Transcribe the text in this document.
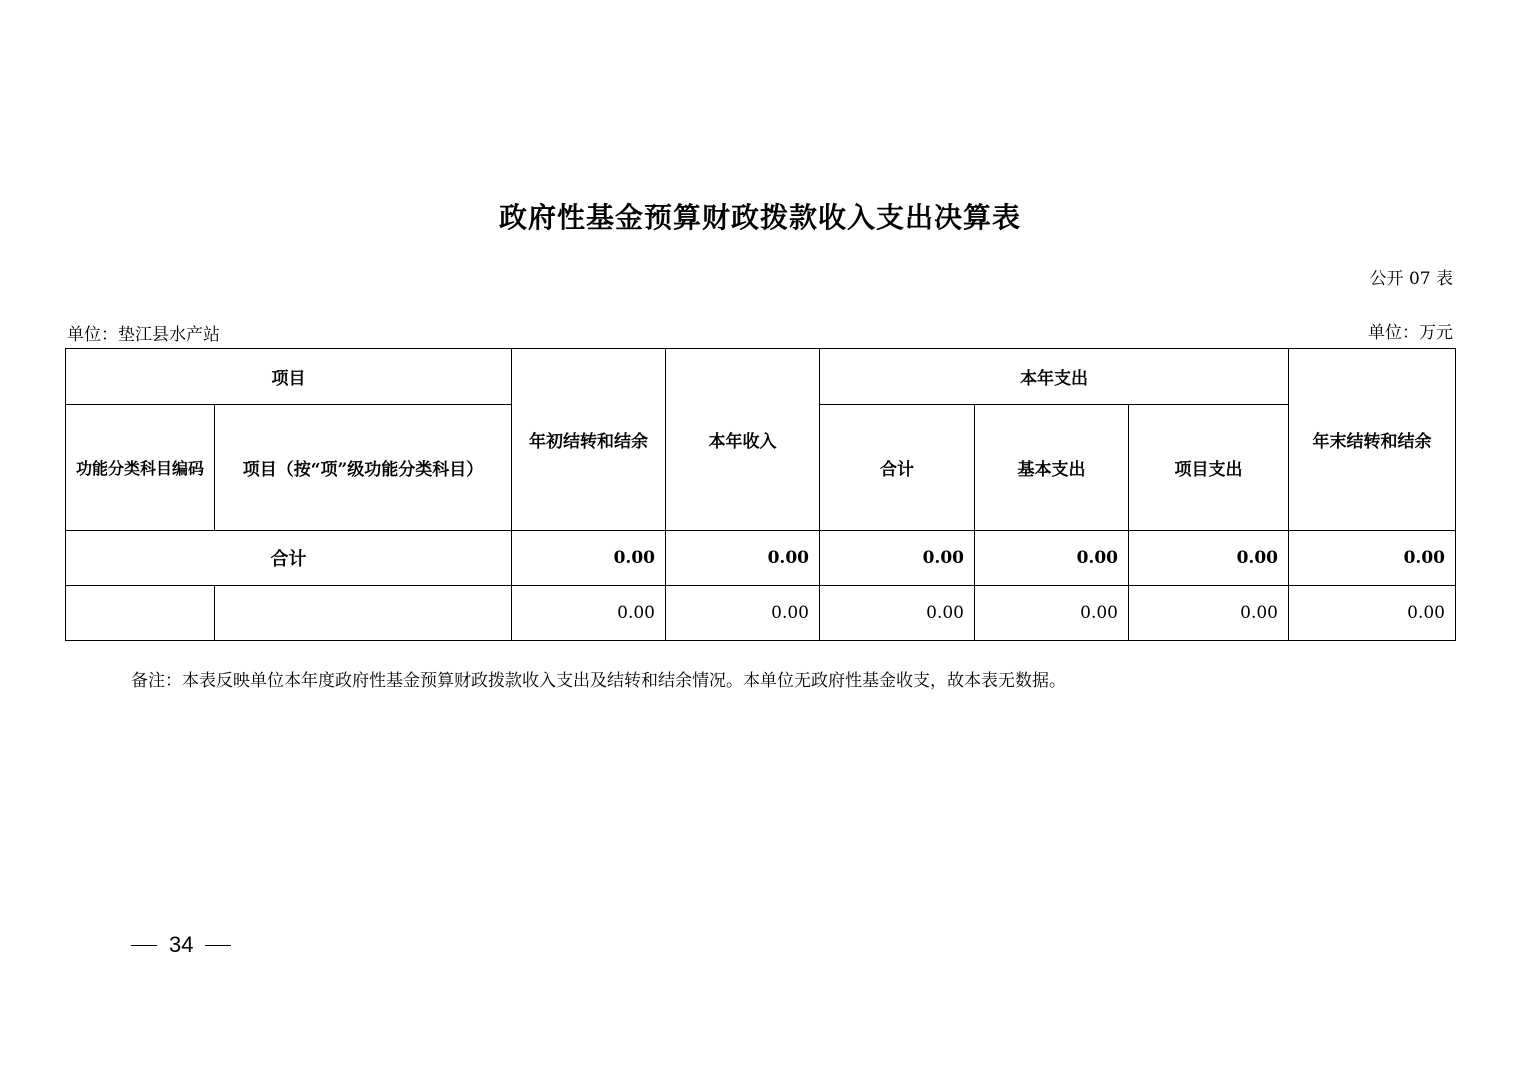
政府性基金预算财政拨款收入支出决算表
公开 07 表
单位：垫江县水产站	单位：万元
项目		年初结转和结余	本年收入	本年支出			年末结转和结余
功能分类科目编码	项目（按“项”级功能分类科目）			合计	基本支出	项目支出	
合计		0.00	0.00	0.00	0.00	0.00	0.00
		0.00	0.00	0.00	0.00	0.00	0.00
备注：本表反映单位本年度政府性基金预算财政拨款收入支出及结转和结余情况。本单位无政府性基金收支，故本表无数据。
34
